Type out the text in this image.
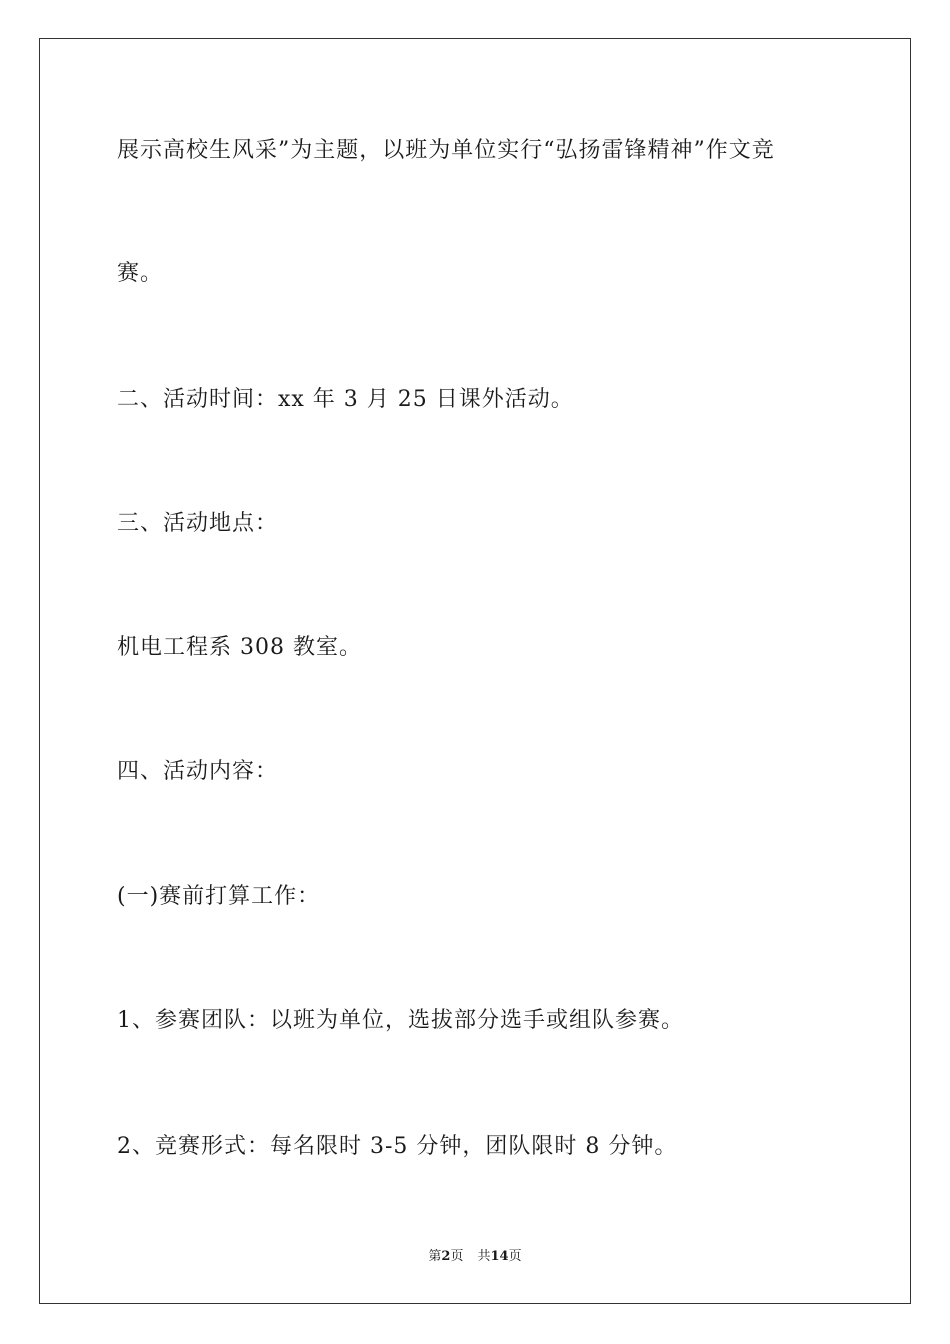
展示高校生风采”为主题，以班为单位实行“弘扬雷锋精神”作文竞
赛。
二、活动时间：xx 年 3 月 25 日课外活动。
三、活动地点：
机电工程系 308 教室。
四、活动内容：
(一)赛前打算工作：
1、参赛团队：以班为单位，选拔部分选手或组队参赛。
2、竞赛形式：每名限时 3-5 分钟，团队限时 8 分钟。
第2页 共14页
